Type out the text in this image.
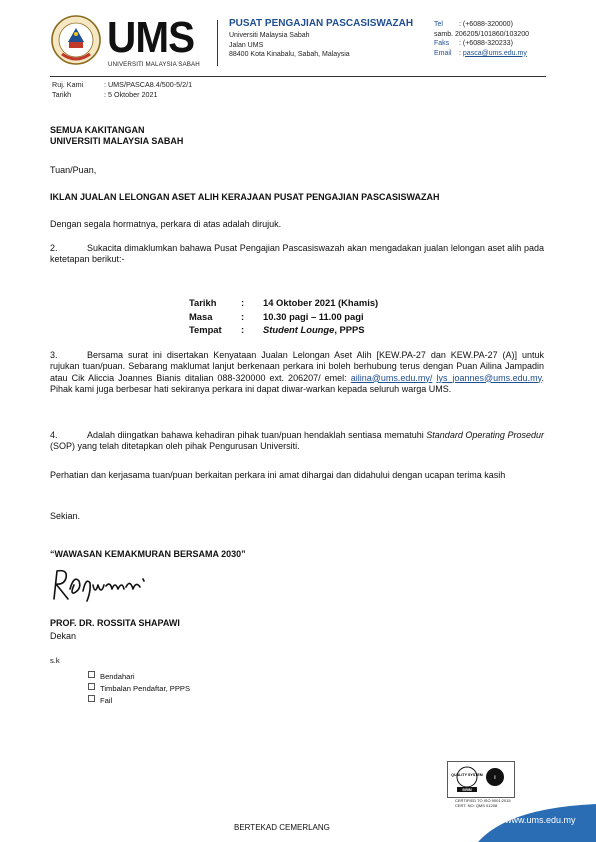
UMS
UNIVERSITI MALAYSIA SABAH
PUSAT PENGAJIAN PASCASISWAZAH
Universiti Malaysia Sabah
Jalan UMS
88400 Kota Kinabalu, Sabah, Malaysia
Tel : (+6088-320000)
samb. 206205/101860/103200
Faks : (+6088-320233)
Email : pasca@ums.edu.my
Ruj. Kami	: UMS/PASCA8.4/500-5/2/1
Tarikh	: 5 Oktober 2021
SEMUA KAKITANGAN
UNIVERSITI MALAYSIA SABAH
Tuan/Puan,
IKLAN JUALAN LELONGAN ASET ALIH KERAJAAN PUSAT PENGAJIAN PASCASISWAZAH
Dengan segala hormatnya, perkara di atas adalah dirujuk.
2.	Sukacita dimaklumkan bahawa Pusat Pengajian Pascasiswazah akan mengadakan jualan lelongan aset alih pada ketetapan berikut:-
Tarikh	: 14 Oktober 2021 (Khamis)
Masa	: 10.30 pagi – 11.00 pagi
Tempat : Student Lounge, PPPS
3.	Bersama surat ini disertakan Kenyataan Jualan Lelongan Aset Alih [KEW.PA-27 dan KEW.PA-27 (A)] untuk rujukan tuan/puan. Sebarang maklumat lanjut berkenaan perkara ini boleh berhubung terus dengan Puan Ailina Jampadin atau Cik Aliccia Joannes Bianis ditalian 088-320000 ext. 206207/ emel: ailina@ums.edu.my/ lys_joannes@ums.edu.my. Pihak kami juga berbesar hati sekiranya perkara ini dapat diwar-warkan kepada seluruh warga UMS.
4.	Adalah diingatkan bahawa kehadiran pihak tuan/puan hendaklah sentiasa mematuhi Standard Operating Prosedur (SOP) yang telah ditetapkan oleh pihak Pengurusan Universiti.
Perhatian dan kerjasama tuan/puan berkaitan perkara ini amat dihargai dan didahului dengan ucapan terima kasih
Sekian.
“WAWASAN KEMAKMURAN BERSAMA 2030”
PROF. DR. ROSSITA SHAPAWI
Dekan
s.k
Bendahari
Timbalan Pendaftar, PPPS
Fail
QUALITY SYSTEM
SIRIM
i
CERTIFIED TO ISO 9001:2015
CERT. NO: QMS 01208
www.ums.edu.my
BERTEKAD CEMERLANG
